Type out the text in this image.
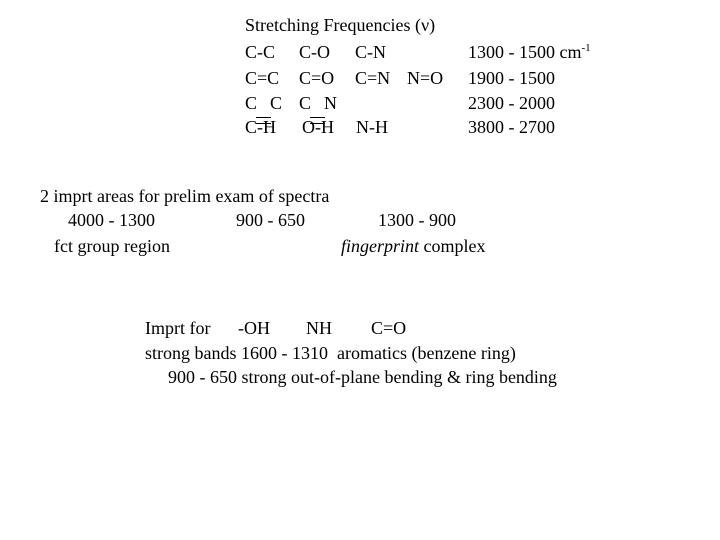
Stretching Frequencies (ν)
C-C C-O C-N	1300 - 1500 $cm^{-1}$
C=C C=O C=N N=O 1900 - 1500
C C C N	2300 - 2000
C-H O-H N-H	3800 - 2700
2 imprt areas for prelim exam of spectra
4000 - 1300	900 - 650	1300 - 900
fct group region	fingerprint complex
Imprt for -OH NH C=O
strong bands 1600 - 1310  aromatics (benzene ring)
900 - 650 strong out-of-plane bending & ring bending
